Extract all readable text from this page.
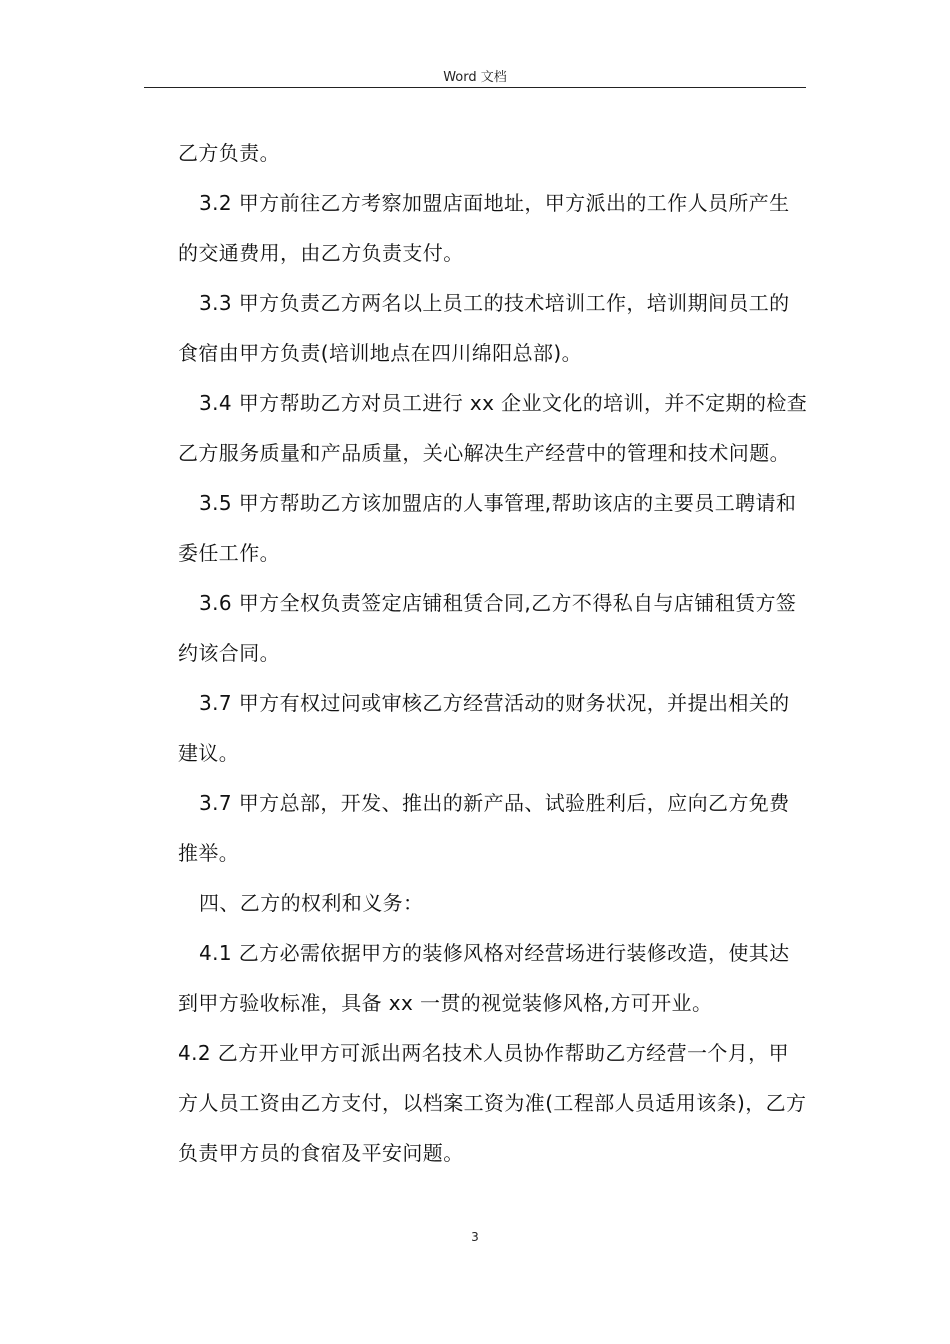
Word 文档

乙方负责。

3.2 甲方前往乙方考察加盟店面地址，甲方派出的工作人员所产生的交通费用，由乙方负责支付。

3.3 甲方负责乙方两名以上员工的技术培训工作，培训期间员工的食宿由甲方负责(培训地点在四川绵阳总部)。

3.4 甲方帮助乙方对员工进行 xx 企业文化的培训，并不定期的检查乙方服务质量和产品质量，关心解决生产经营中的管理和技术问题。

3.5 甲方帮助乙方该加盟店的人事管理,帮助该店的主要员工聘请和委任工作。

3.6 甲方全权负责签定店铺租赁合同,乙方不得私自与店铺租赁方签约该合同。

3.7 甲方有权过问或审核乙方经营活动的财务状况，并提出相关的建议。

3.7 甲方总部，开发、推出的新产品、试验胜利后，应向乙方免费推举。

四、乙方的权利和义务：

4.1 乙方必需依据甲方的装修风格对经营场进行装修改造，使其达到甲方验收标准，具备 xx 一贯的视觉装修风格,方可开业。

4.2 乙方开业甲方可派出两名技术人员协作帮助乙方经营一个月，甲方人员工资由乙方支付，以档案工资为准(工程部人员适用该条)，乙方负责甲方员的食宿及平安问题。

3
